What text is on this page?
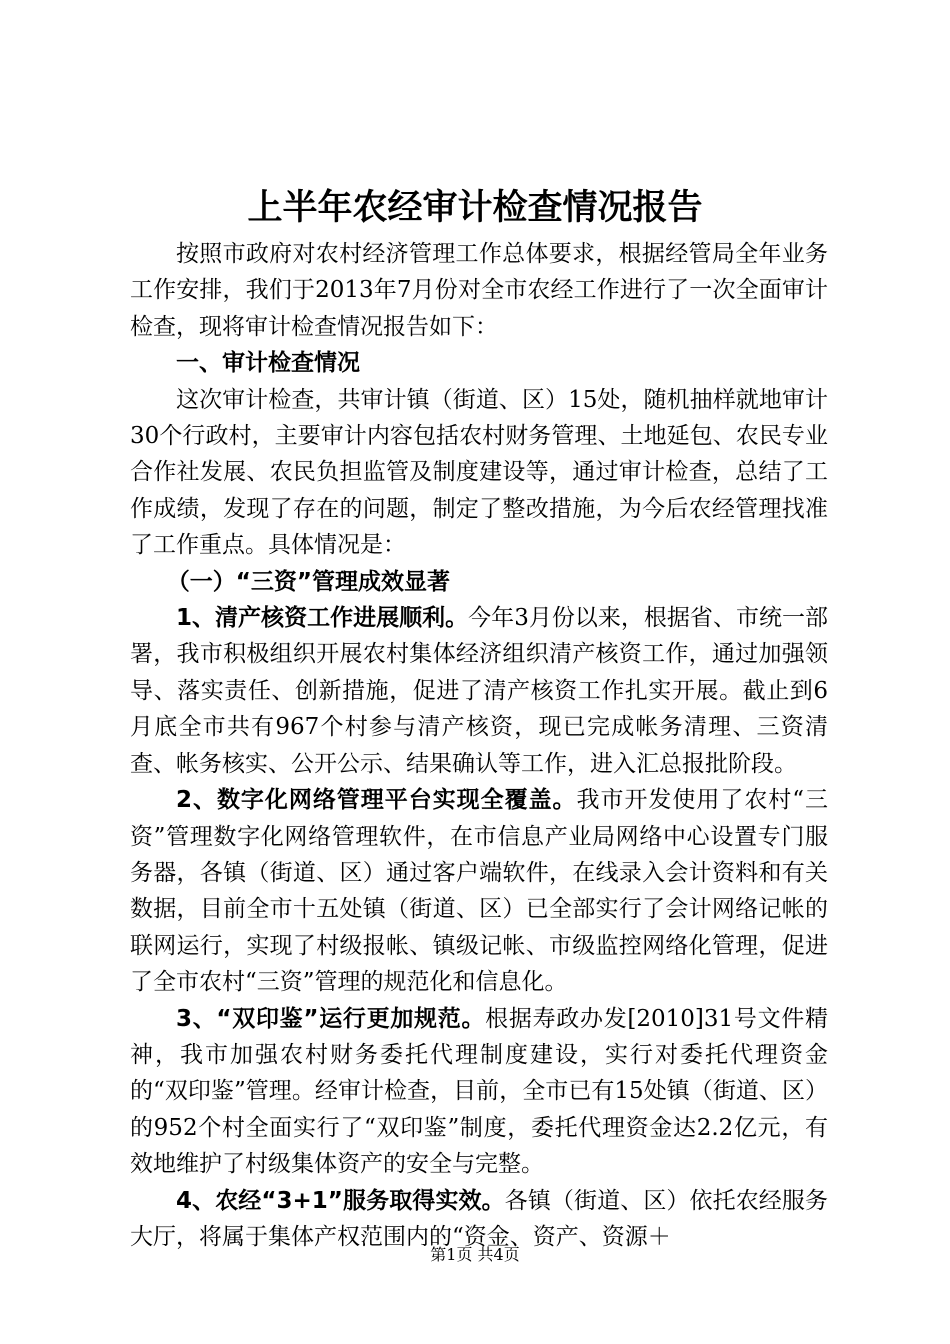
上半年农经审计检查情况报告

按照市政府对农村经济管理工作总体要求，根据经管局全年业务工作安排，我们于2013年7月份对全市农经工作进行了一次全面审计检查，现将审计检查情况报告如下：

一、审计检查情况

这次审计检查，共审计镇（街道、区）15处，随机抽样就地审计30个行政村，主要审计内容包括农村财务管理、土地延包、农民专业合作社发展、农民负担监管及制度建设等，通过审计检查，总结了工作成绩，发现了存在的问题，制定了整改措施，为今后农经管理找准了工作重点。具体情况是：

（一）“三资”管理成效显著

1、清产核资工作进展顺利。今年3月份以来，根据省、市统一部署，我市积极组织开展农村集体经济组织清产核资工作，通过加强领导、落实责任、创新措施，促进了清产核资工作扎实开展。截止到6月底全市共有967个村参与清产核资，现已完成帐务清理、三资清查、帐务核实、公开公示、结果确认等工作，进入汇总报批阶段。

2、数字化网络管理平台实现全覆盖。我市开发使用了农村“三资”管理数字化网络管理软件，在市信息产业局网络中心设置专门服务器，各镇（街道、区）通过客户端软件，在线录入会计资料和有关数据，目前全市十五处镇（街道、区）已全部实行了会计网络记帐的联网运行，实现了村级报帐、镇级记帐、市级监控网络化管理，促进了全市农村“三资”管理的规范化和信息化。

3、“双印鉴”运行更加规范。根据寿政办发[2010]31号文件精神，我市加强农村财务委托代理制度建设，实行对委托代理资金的“双印鉴”管理。经审计检查，目前，全市已有15处镇（街道、区）的952个村全面实行了“双印鉴”制度，委托代理资金达2.2亿元，有效地维护了村级集体资产的安全与完整。

4、农经“3+1”服务取得实效。各镇（街道、区）依托农经服务大厅，将属于集体产权范围内的“资金、资产、资源＋

第1页 共4页
